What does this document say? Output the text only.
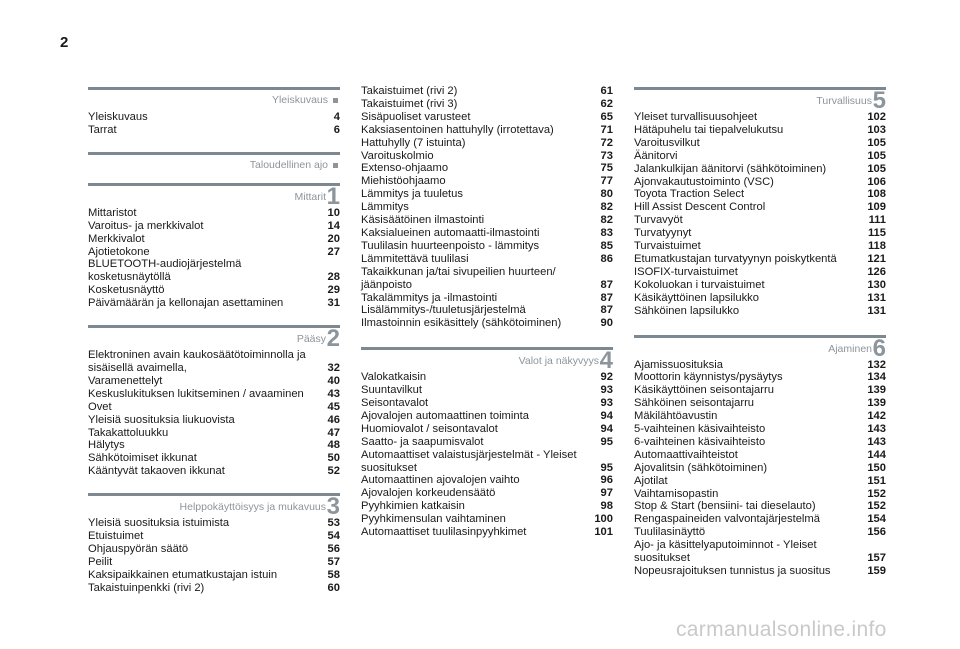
2
Yleiskuvaus
Yleiskuvaus	4
Tarrat	6
Taloudellinen ajo
Mittarit 1
Mittaristot	10
Varoitus- ja merkkivalot	14
Merkkivalot	20
Ajotietokone	27
BLUETOOTH-audiojärjestelmä kosketusnäytöllä	28
Kosketusnäyttö	29
Päivämäärän ja kellonajan asettaminen	31
Pääsy 2
Elektroninen avain kaukosäätötoiminnolla ja sisäisellä avaimella,	32
Varamenettelyt	40
Keskuslukituksen lukitseminen / avaaminen	43
Ovet	45
Yleisiä suosituksia liukuovista	46
Takakattoluukku	47
Hälytys	48
Sähkötoimiset ikkunat	50
Kääntyvät takaoven ikkunat	52
Helppokäyttöisyys ja mukavuus 3
Yleisiä suosituksia istuimista	53
Etuistuimet	54
Ohjauspyörän säätö	56
Peilit	57
Kaksipaikkainen etumatkustajan istuin	58
Takaistuinpenkki (rivi 2)	60
Takaistuimet (rivi 2)	61
Takaistuimet (rivi 3)	62
Sisäpuoliset varusteet	65
Kaksiasentoinen hattuhylly (irrotettava)	71
Hattuhylly (7 istuinta)	72
Varoituskolmio	73
Extenso-ohjaamo	75
Miehistöohjaamo	77
Lämmitys ja tuuletus	80
Lämmitys	82
Käsisäätöinen ilmastointi	82
Kaksialueinen automaatti-ilmastointi	83
Tuulilasin huurteenpoisto - lämmitys	85
Lämmitettävä tuulilasi	86
Takaikkunan ja/tai sivupeilien huurteen/ jäänpoisto	87
Takalämmitys ja -ilmastointi	87
Lisälämmitys-/tuuletusjärjestelmä	87
Ilmastoinnin esikäsittely (sähkötoiminen)	90
Valot ja näkyvyys 4
Valokatkaisin	92
Suuntavilkut	93
Seisontavalot	93
Ajovalojen automaattinen toiminta	94
Huomiovalot / seisontavalot	94
Saatto- ja saapumisvalot	95
Automaattiset valaistusjärjestelmät - Yleiset suositukset	95
Automaattinen ajovalojen vaihto	96
Ajovalojen korkeudensäätö	97
Pyyhkimien katkaisin	98
Pyyhkimensulan vaihtaminen	100
Automaattiset tuulilasinpyyhkimet	101
Turvallisuus 5
Yleiset turvallisuusohjeet	102
Hätäpuhelu tai tiepalvelukutsu	103
Varoitusvilkut	105
Äänitorvi	105
Jalankulkijan äänitorvi (sähkötoiminen)	105
Ajonvakautustoiminto (VSC)	106
Toyota Traction Select	108
Hill Assist Descent Control	109
Turvavyöt	111
Turvatyynyt	115
Turvaistuimet	118
Etumatkustajan turvatyynyn poiskytkentä	121
ISOFIX-turvaistuimet	126
Kokoluokan i turvaistuimet	130
Käsikäyttöinen lapsilukko	131
Sähköinen lapsilukko	131
Ajaminen 6
Ajamissuosituksia	132
Moottorin käynnistys/pysäytys	134
Käsikäyttöinen seisontajarru	139
Sähköinen seisontajarru	139
Mäkilähtöavustin	142
5-vaihteinen käsivaihteisto	143
6-vaihteinen käsivaihteisto	143
Automaattivaihteistot	144
Ajovalitsin (sähkötoiminen)	150
Ajotilat	151
Vaihtamisopastin	152
Stop & Start (bensiini- tai dieselauto)	152
Rengaspaineiden valvontajärjestelmä	154
Tuulilasinäyttö	156
Ajo- ja käsittelyaputoiminnot - Yleiset suositukset	157
Nopeusrajoituksen tunnistus ja suositus	159
carmanualsonline.info
